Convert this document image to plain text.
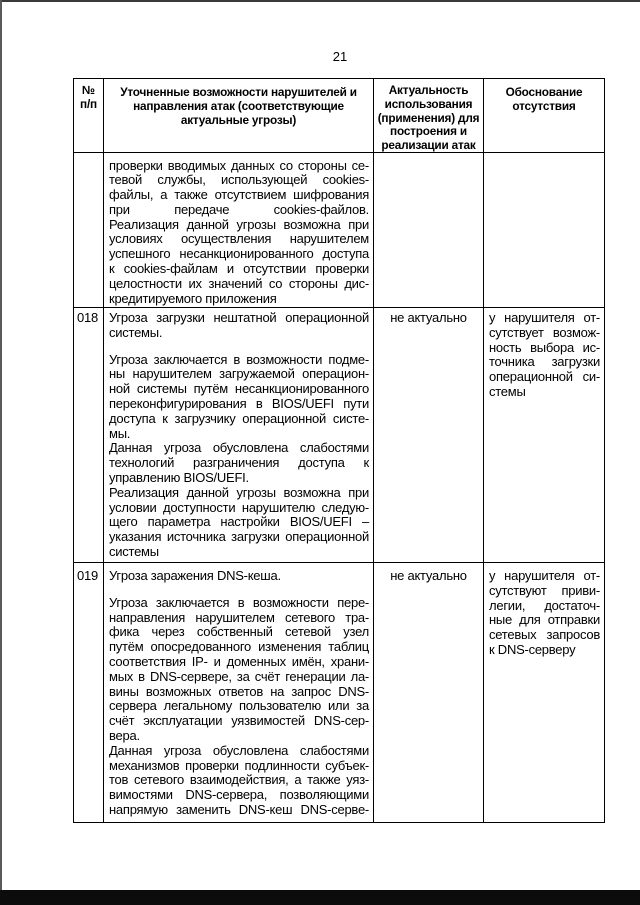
21
№
п/п
Уточненные возможности нарушителей и
направления атак (соответствующие
актуальные угрозы)
Актуальность
использования
(применения) для
построения и
реализации атак
Обоснование
отсутствия
проверки вводимых данных со стороны се-
тевой службы, использующей cookies-
файлы, а также отсутствием шифрования
при передаче cookies-файлов.
Реализация данной угрозы возможна при
условиях осуществления нарушителем
успешного несанкционированного доступа
к cookies-файлам и отсутствии проверки
целостности их значений со стороны дис-
кредитируемого приложения
018 Угроза загрузки нештатной операционной
системы.
Угроза заключается в возможности подме-
ны нарушителем загружаемой операцион-
ной системы путём несанкционированного
переконфигурирования в BIOS/UEFI пути
доступа к загрузчику операционной систе-
мы.
Данная угроза обусловлена слабостями
технологий разграничения доступа к
управлению BIOS/UEFI.
Реализация данной угрозы возможна при
условии доступности нарушителю следую-
щего параметра настройки BIOS/UEFI –
указания источника загрузки операционной
системы
не актуально	у нарушителя от-
сутствует возмож-
ность выбора ис-
точника загрузки
операционной си-
стемы
019 Угроза заражения DNS-кеша.
Угроза заключается в возможности пере-
направления нарушителем сетевого тра-
фика через собственный сетевой узел
путём опосредованного изменения таблиц
соответствия IP- и доменных имён, храни-
мых в DNS-сервере, за счёт генерации ла-
вины возможных ответов на запрос DNS-
сервера легальному пользователю или за
счёт эксплуатации уязвимостей DNS-сер-
вера.
Данная угроза обусловлена слабостями
механизмов проверки подлинности субъек-
тов сетевого взаимодействия, а также уяз-
вимостями DNS-сервера, позволяющими
напрямую заменить DNS-кеш DNS-серве-
не актуально	у нарушителя от-
сутствуют приви-
легии, достаточ-
ные для отправки
сетевых запросов
к DNS-серверу
